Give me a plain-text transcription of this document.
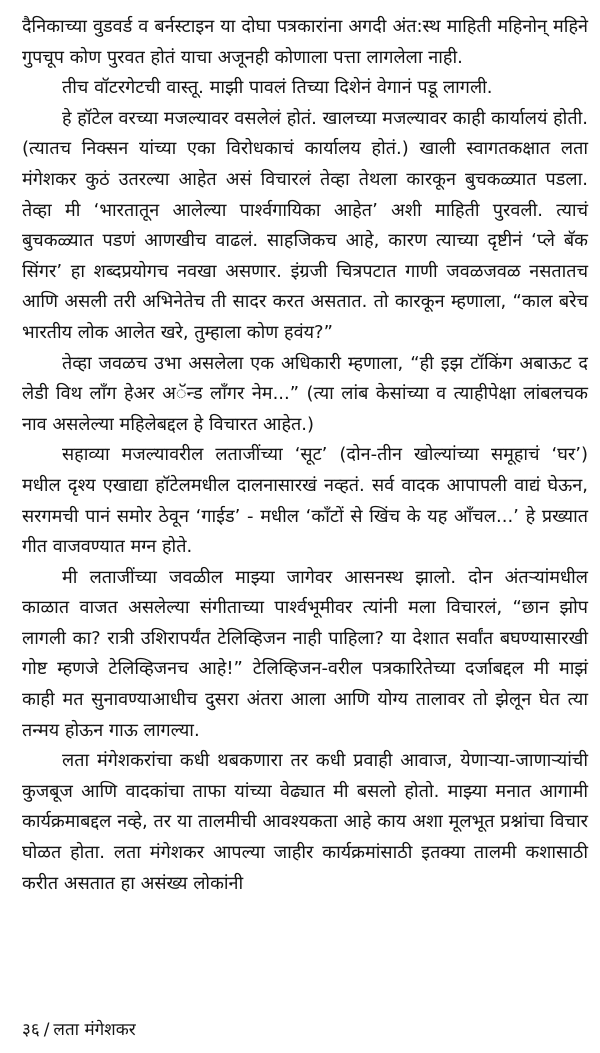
दैनिकाच्या वुडवर्ड व बर्नस्टाइन या दोघा पत्रकारांना अगदी अंत:स्थ माहिती महिनोन् महिने गुपचूप कोण पुरवत होतं याचा अजूनही कोणाला पत्ता लागलेला नाही.

तीच वॉटरगेटची वास्तू. माझी पावलं तिच्या दिशेनं वेगानं पडू लागली.

हे हॉटेल वरच्या मजल्यावर वसलेलं होतं. खालच्या मजल्यावर काही कार्यालयं होती. (त्यातच निक्सन यांच्या एका विरोधकाचं कार्यालय होतं.) खाली स्वागतकक्षात लता मंगेशकर कुठं उतरल्या आहेत असं विचारलं तेव्हा तेथला कारकून बुचकळ्यात पडला. तेव्हा मी ‘भारतातून आलेल्या पार्श्वगायिका आहेत’ अशी माहिती पुरवली. त्याचं बुचकळ्यात पडणं आणखीच वाढलं. साहजिकच आहे, कारण त्याच्या दृष्टीनं ‘प्ले बॅक सिंगर’ हा शब्दप्रयोगच नवखा असणार. इंग्रजी चित्रपटात गाणी जवळजवळ नसतातच आणि असली तरी अभिनेतेच ती सादर करत असतात. तो कारकून म्हणाला, “काल बरेच भारतीय लोक आलेत खरे, तुम्हाला कोण हवंय?”

तेव्हा जवळच उभा असलेला एक अधिकारी म्हणाला, “ही इझ टॉकिंग अबाऊट द लेडी विथ लाँग हेअर अॅन्ड लाँगर नेम...” (त्या लांब केसांच्या व त्याहीपेक्षा लांबलचक नाव असलेल्या महिलेबद्दल हे विचारत आहेत.)

सहाव्या मजल्यावरील लताजींच्या ‘सूट’ (दोन-तीन खोल्यांच्या समूहाचं ‘घर’) मधील दृश्य एखाद्या हॉटेलमधील दालनासारखं नव्हतं. सर्व वादक आपापली वाद्यं घेऊन, सरगमची पानं समोर ठेवून ‘गाईड’ - मधील ‘काँटों से खिंच के यह आँचल...’ हे प्रख्यात गीत वाजवण्यात मग्न होते.

मी लताजींच्या जवळील माझ्या जागेवर आसनस्थ झालो. दोन अंतऱ्यांमधील काळात वाजत असलेल्या संगीताच्या पार्श्वभूमीवर त्यांनी मला विचारलं, “छान झोप लागली का? रात्री उशिरापर्यंत टेलिव्हिजन नाही पाहिला? या देशात सर्वांत बघण्यासारखी गोष्ट म्हणजे टेलिव्हिजनच आहे!” टेलिव्हिजन-वरील पत्रकारितेच्या दर्जाबद्दल मी माझं काही मत सुनावण्याआधीच दुसरा अंतरा आला आणि योग्य तालावर तो झेलून घेत त्या तन्मय होऊन गाऊ लागल्या.

लता मंगेशकरांचा कधी थबकणारा तर कधी प्रवाही आवाज, येणाऱ्या-जाणाऱ्यांची कुजबूज आणि वादकांचा ताफा यांच्या वेढ्यात मी बसलो होतो. माझ्या मनात आगामी कार्यक्रमाबद्दल नव्हे, तर या तालमीची आवश्यकता आहे काय अशा मूलभूत प्रश्नांचा विचार घोळत होता. लता मंगेशकर आपल्या जाहीर कार्यक्रमांसाठी इतक्या तालमी कशासाठी करीत असतात हा असंख्य लोकांनी

३६ / लता मंगेशकर
